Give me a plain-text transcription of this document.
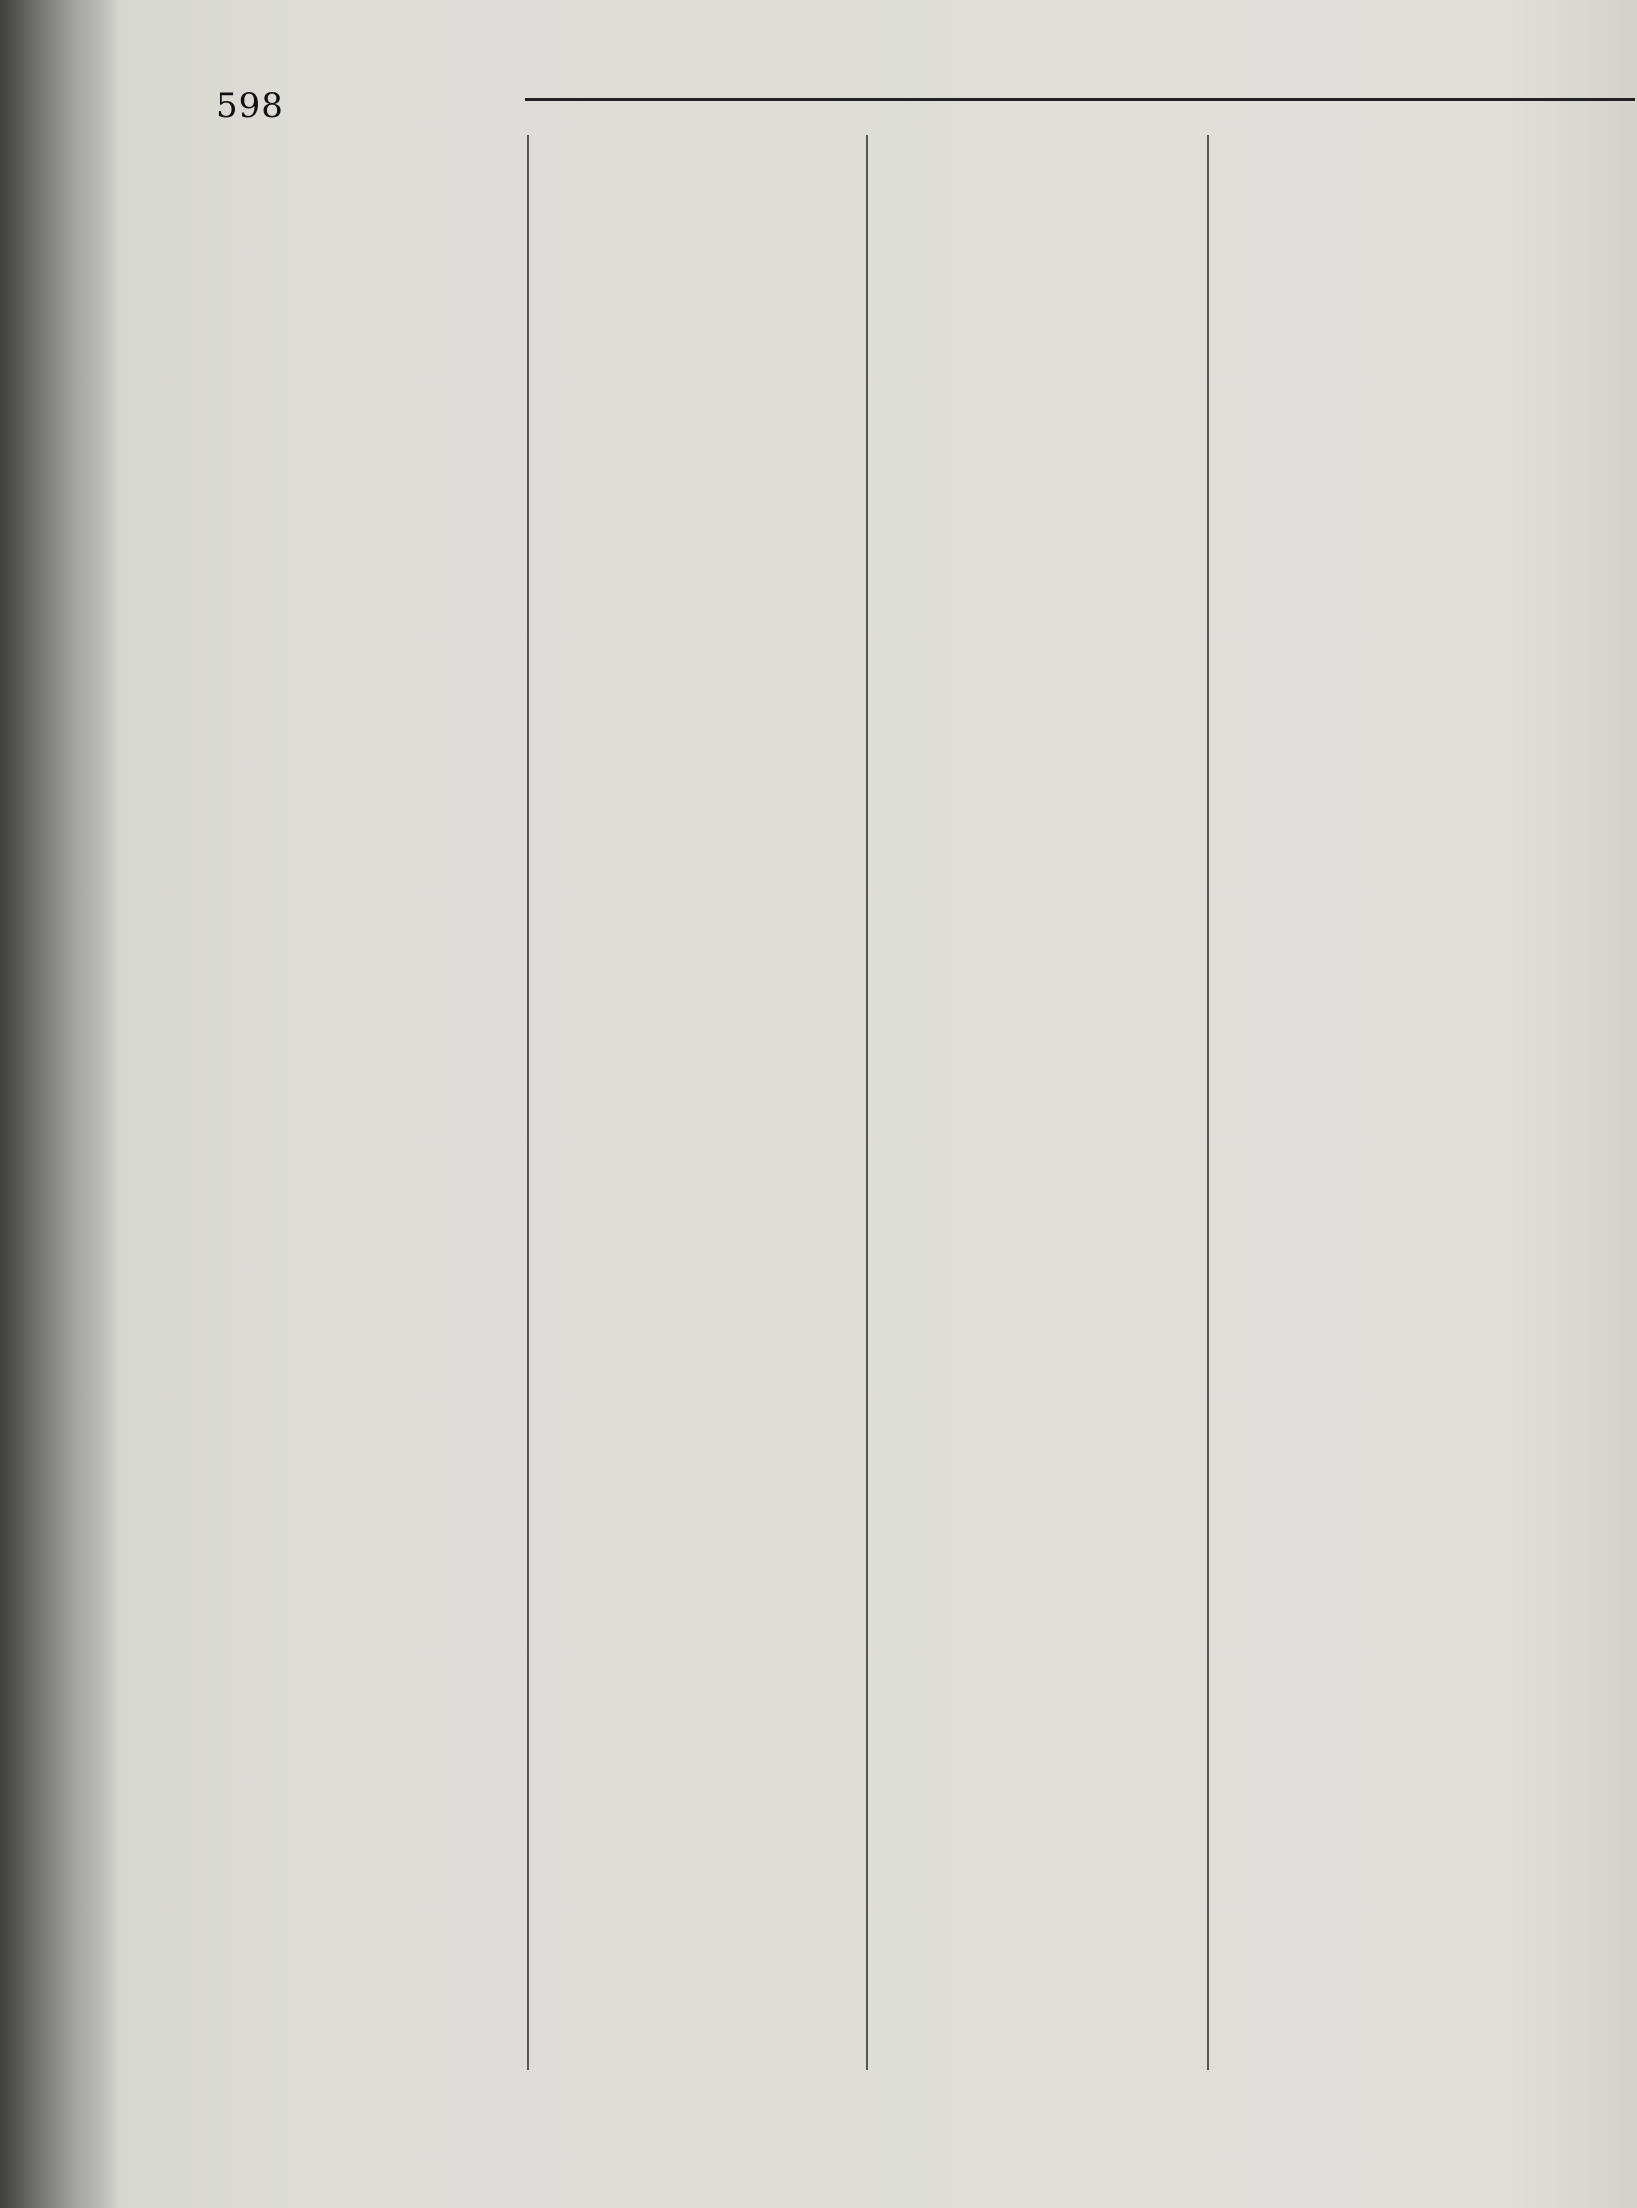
598
